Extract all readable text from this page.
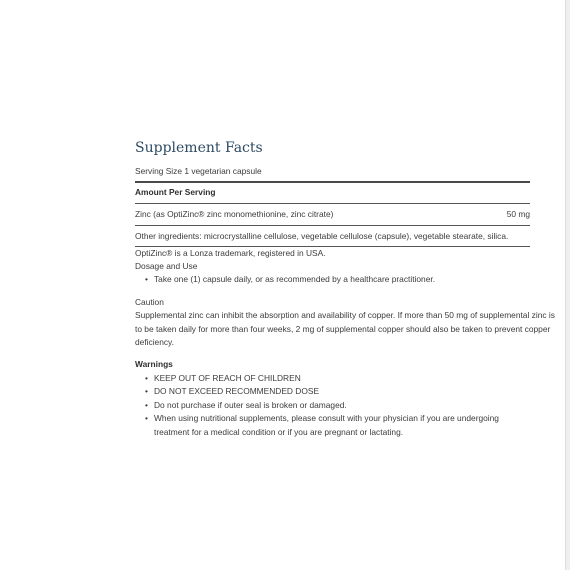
Supplement Facts
Serving Size 1 vegetarian capsule
Amount Per Serving
Zinc (as OptiZinc® zinc monomethionine, zinc citrate)	50 mg
Other ingredients: microcrystalline cellulose, vegetable cellulose (capsule), vegetable stearate, silica.
OptiZinc® is a Lonza trademark, registered in USA.
Dosage and Use
• Take one (1) capsule daily, or as recommended by a healthcare practitioner.
Caution
Supplemental zinc can inhibit the absorption and availability of copper. If more than 50 mg of supplemental zinc is to be taken daily for more than four weeks, 2 mg of supplemental copper should also be taken to prevent copper deficiency.
Warnings
• KEEP OUT OF REACH OF CHILDREN
• DO NOT EXCEED RECOMMENDED DOSE
• Do not purchase if outer seal is broken or damaged.
• When using nutritional supplements, please consult with your physician if you are undergoing treatment for a medical condition or if you are pregnant or lactating.
